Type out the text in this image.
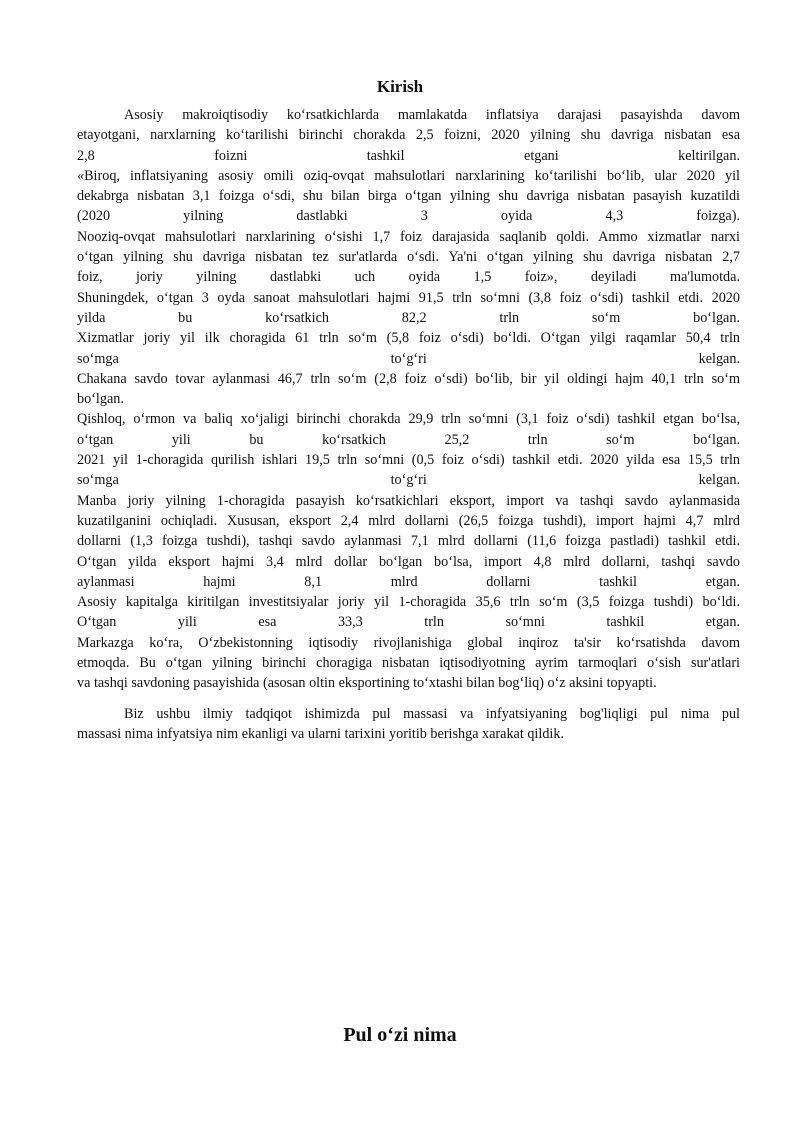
Kirish
Asosiy makroiqtisodiy koʻrsatkichlarda mamlakatda inflatsiya darajasi pasayishda davom
etayotgani, narxlarning koʻtarilishi birinchi chorakda 2,5 foizni, 2020 yilning shu davriga nisbatan esa
2,8 foizni tashkil etgani keltirilgan.
«Biroq, inflatsiyaning asosiy omili oziq-ovqat mahsulotlari narxlarining koʻtarilishi boʻlib, ular 2020 yil
dekabrga nisbatan 3,1 foizga oʻsdi, shu bilan birga oʻtgan yilning shu davriga nisbatan pasayish kuzatildi
(2020 yilning dastlabki 3 oyida 4,3 foizga).
Nooziq-ovqat mahsulotlari narxlarining oʻsishi 1,7 foiz darajasida saqlanib qoldi. Ammo xizmatlar narxi
oʻtgan yilning shu davriga nisbatan tez sur'atlarda oʻsdi. Ya'ni oʻtgan yilning shu davriga nisbatan 2,7
foiz, joriy yilning dastlabki uch oyida 1,5 foiz», deyiladi ma'lumotda.
Shuningdek, oʻtgan 3 oyda sanoat mahsulotlari hajmi 91,5 trln soʻmni (3,8 foiz oʻsdi) tashkil etdi. 2020
yilda bu koʻrsatkich 82,2 trln soʻm boʻlgan.
Xizmatlar joriy yil ilk choragida 61 trln soʻm (5,8 foiz oʻsdi) boʻldi. Oʻtgan yilgi raqamlar 50,4 trln
soʻmga toʻgʻri kelgan.
Chakana savdo tovar aylanmasi 46,7 trln soʻm (2,8 foiz oʻsdi) boʻlib, bir yil oldingi hajm 40,1 trln soʻm
boʻlgan.
Qishloq, oʻrmon va baliq xoʻjaligi birinchi chorakda 29,9 trln soʻmni (3,1 foiz oʻsdi) tashkil etgan boʻlsa,
oʻtgan yili bu koʻrsatkich 25,2 trln soʻm boʻlgan.
2021 yil 1-choragida qurilish ishlari 19,5 trln soʻmni (0,5 foiz oʻsdi) tashkil etdi. 2020 yilda esa 15,5 trln
soʻmga toʻgʻri kelgan.
Manba joriy yilning 1-choragida pasayish koʻrsatkichlari eksport, import va tashqi savdo aylanmasida
kuzatilganini ochiqladi. Xususan, eksport 2,4 mlrd dollarni (26,5 foizga tushdi), import hajmi 4,7 mlrd
dollarni (1,3 foizga tushdi), tashqi savdo aylanmasi 7,1 mlrd dollarni (11,6 foizga pastladi) tashkil etdi.
Oʻtgan yilda eksport hajmi 3,4 mlrd dollar boʻlgan boʻlsa, import 4,8 mlrd dollarni, tashqi savdo
aylanmasi hajmi 8,1 mlrd dollarni tashkil etgan.
Asosiy kapitalga kiritilgan investitsiyalar joriy yil 1-choragida 35,6 trln soʻm (3,5 foizga tushdi) boʻldi.
Oʻtgan yili esa 33,3 trln soʻmni tashkil etgan.
Markazga koʻra, Oʻzbekistonning iqtisodiy rivojlanishiga global inqiroz ta'sir koʻrsatishda davom
etmoqda. Bu oʻtgan yilning birinchi choragiga nisbatan iqtisodiyotning ayrim tarmoqlari oʻsish sur'atlari
va tashqi savdoning pasayishida (asosan oltin eksportining toʻxtashi bilan bogʻliq) oʻz aksini topyapti.
Biz ushbu ilmiy tadqiqot ishimizda pul massasi va infyatsiyaning bog'liqligi pul nima pul
massasi nima infyatsiya nim ekanligi va ularni tarixini yoritib berishga xarakat qildik.
Pul oʻzi nima
